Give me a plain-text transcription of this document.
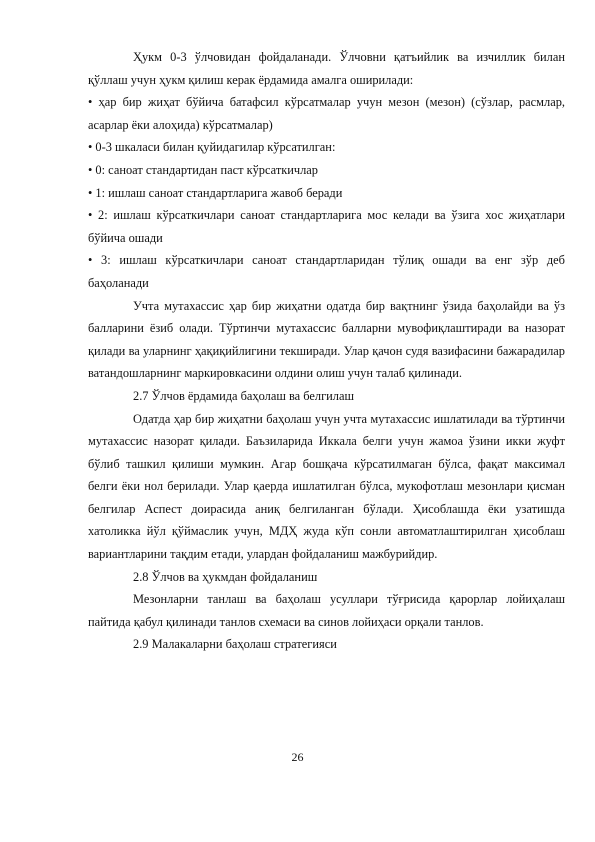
Ҳукм 0-3 ўлчовидан фойдаланади. Ўлчовни қатъийлик ва изчиллик билан қўллаш учун ҳукм қилиш керак ёрдамида амалга оширилади:

• ҳар бир жиҳат бўйича батафсил кўрсатмалар учун мезон (мезон) (сўзлар, расмлар, асарлар ёки алоҳида) кўрсатмалар)

• 0-3 шкаласи билан қуйидагилар кўрсатилган:

• 0: саноат стандартидан паст кўрсаткичлар

• 1: ишлаш саноат стандартларига жавоб беради

• 2: ишлаш кўрсаткичлари саноат стандартларига мос келади ва ўзига хос жиҳатлари бўйича ошади

• 3: ишлаш кўрсаткичлари саноат стандартларидан тўлиқ ошади ва енг зўр деб баҳоланади

Учта мутахассис ҳар бир жиҳатни одатда бир вақтнинг ўзида баҳолайди ва ўз балларини ёзиб олади. Тўртинчи мутахассис балларни мувофиқлаштиради ва назорат қилади ва уларнинг ҳақиқийлигини текширади. Улар қачон судя вазифасини бажарадилар ватандошларнинг маркировкасини олдини олиш учун талаб қилинади.

2.7 Ўлчов ёрдамида баҳолаш ва белгилаш

Одатда ҳар бир жиҳатни баҳолаш учун учта мутахассис ишлатилади ва тўртинчи мутахассис назорат қилади. Баъзиларида Иккала белги учун жамоа ўзини икки жуфт бўлиб ташкил қилиши мумкин. Агар бошқача кўрсатилмаган бўлса, фақат максимал белги ёки нол берилади. Улар қаерда ишлатилган бўлса, мукофотлаш мезонлари қисман белгилар Аспест доирасида аниқ белгиланган бўлади. Ҳисоблашда ёки узатишда хатоликка йўл қўймаслик учун, МДҲ жуда кўп сонли автоматлаштирилган ҳисоблаш вариантларини тақдим етади, улардан фойдаланиш мажбурийдир.

2.8 Ўлчов ва ҳукмдан фойдаланиш

Мезонларни танлаш ва баҳолаш усуллари тўғрисида қарорлар лойиҳалаш пайтида қабул қилинади танлов схемаси ва синов лойиҳаси орқали танлов.

2.9 Малакаларни баҳолаш стратегияси

26
